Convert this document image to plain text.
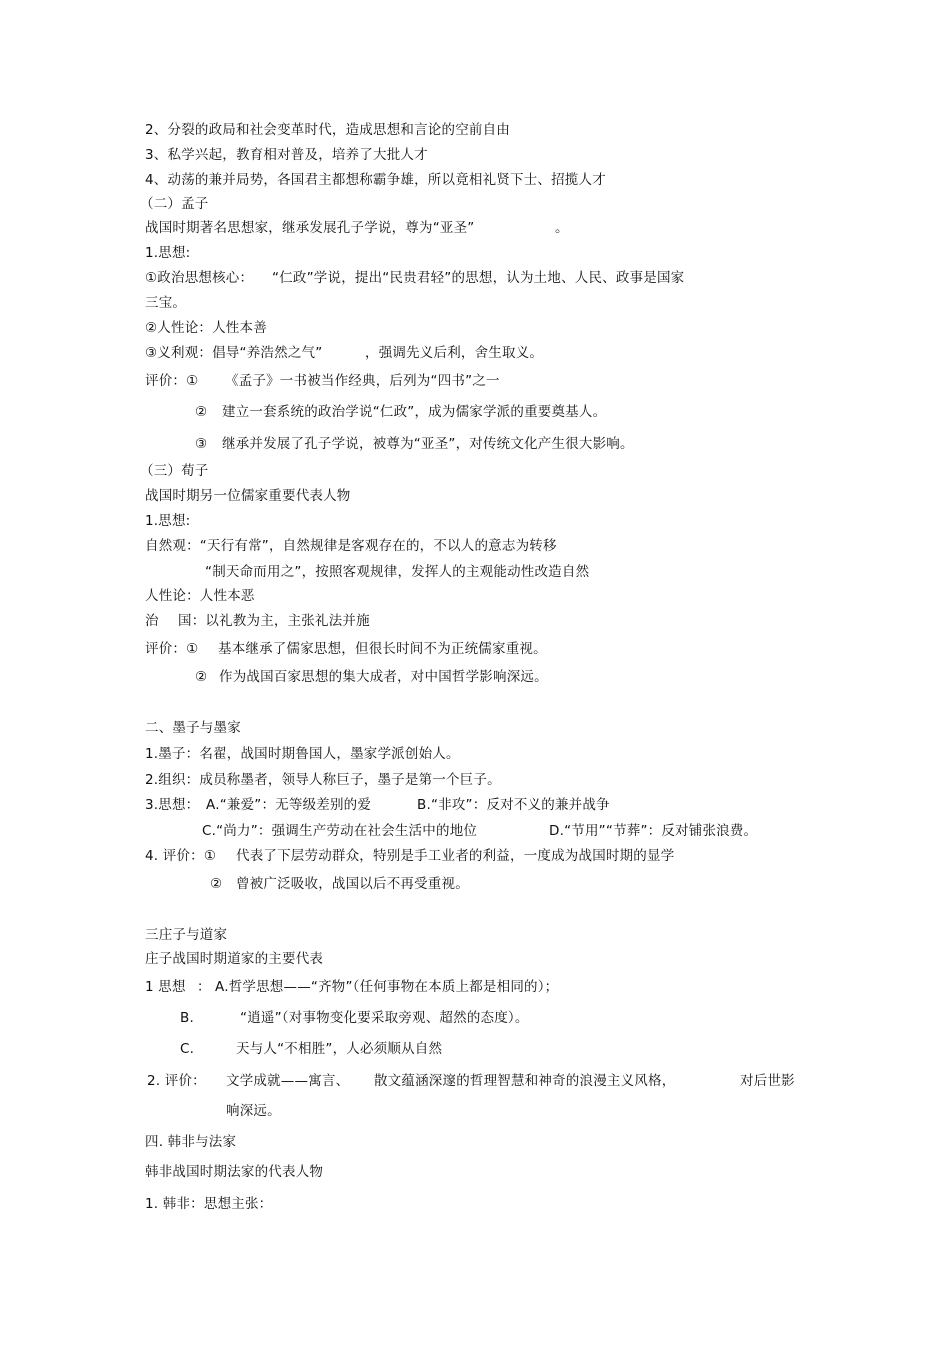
2、分裂的政局和社会变革时代，造成思想和言论的空前自由
3、私学兴起，教育相对普及，培养了大批人才
4、动荡的兼并局势，各国君主都想称霸争雄，所以竟相礼贤下士、招揽人才
（二）孟子
战国时期著名思想家，继承发展孔子学说，尊为“亚圣”	。
1.思想:
①政治思想核心： “仁政”学说，提出“民贵君轻”的思想，认为土地、人民、政事是国家
三宝。
②人性论：人性本善
③义利观：倡导“养浩然之气”	，强调先义后利，舍生取义。
评价：① 《孟子》一书被当作经典，后列为“四书”之一
② 建立一套系统的政治学说“仁政”，成为儒家学派的重要奠基人。
③ 继承并发展了孔子学说，被尊为“亚圣”，对传统文化产生很大影响。
（三）荀子
战国时期另一位儒家重要代表人物
1.思想:
自然观：“天行有常”，自然规律是客观存在的，不以人的意志为转移
“制天命而用之”，按照客观规律，发挥人的主观能动性改造自然
人性论：人性本恶
治 国：以礼教为主，主张礼法并施
评价：① 基本继承了儒家思想，但很长时间不为正统儒家重视。
② 作为战国百家思想的集大成者，对中国哲学影响深远。
二、墨子与墨家
1.墨子：名翟，战国时期鲁国人，墨家学派创始人。
2.组织：成员称墨者，领导人称巨子，墨子是第一个巨子。
3.思想： A.“兼爱”：无等级差别的爱	B.“非攻”：反对不义的兼并战争
C.“尚力”：强调生产劳动在社会生活中的地位	D.“节用”“节葬”：反对铺张浪费。
4. 评价：① 代表了下层劳动群众，特别是手工业者的利益，一度成为战国时期的显学
② 曾被广泛吸收，战国以后不再受重视。
三庄子与道家
庄子战国时期道家的主要代表
1 思想 ： A.哲学思想——“齐物”（任何事物在本质上都是相同的）；
B.	“逍遥”（对事物变化要采取旁观、超然的态度）。
C.	天与人“不相胜”，人必须顺从自然
2. 评价： 文学成就——寓言、 散文蕴涵深邃的哲理智慧和神奇的浪漫主义风格，	对后世影
响深远。
四. 韩非与法家
韩非战国时期法家的代表人物
1. 韩非：思想主张：
